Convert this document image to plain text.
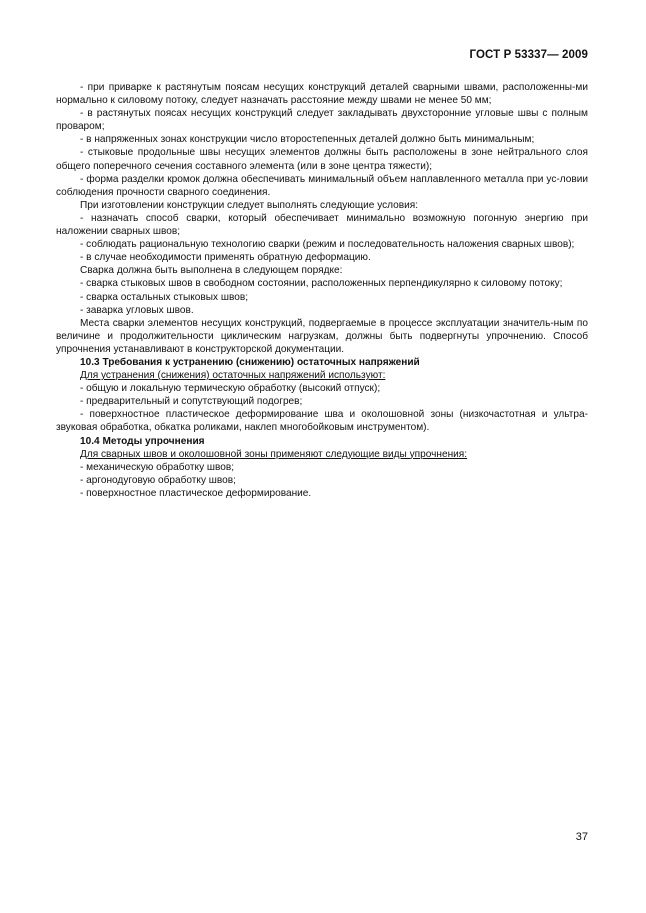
ГОСТ Р 53337— 2009

- при приварке к растянутым поясам несущих конструкций деталей сварными швами, расположенны-ми нормально к силовому потоку, следует назначать расстояние между швами не менее 50 мм;

- в растянутых поясах несущих конструкций следует закладывать двухсторонние угловые швы с полным проваром;

- в напряженных зонах конструкции число второстепенных деталей должно быть минимальным;

- стыковые продольные швы несущих элементов должны быть расположены в зоне нейтрального слоя общего поперечного сечения составного элемента (или в зоне центра тяжести);

- форма разделки кромок должна обеспечивать минимальный объем наплавленного металла при ус-ловии соблюдения прочности сварного соединения.

При изготовлении конструкции следует выполнять следующие условия:

- назначать способ сварки, который обеспечивает минимально возможную погонную энергию при наложении сварных швов;

- соблюдать рациональную технологию сварки (режим и последовательность наложения сварных швов);

- в случае необходимости применять обратную деформацию.

Сварка должна быть выполнена в следующем порядке:

- сварка стыковых швов в свободном состоянии, расположенных перпендикулярно к силовому потоку;

- сварка остальных стыковых швов;

- заварка угловых швов.

Места сварки элементов несущих конструкций, подвергаемые в процессе эксплуатации значитель-ным по величине и продолжительности циклическим нагрузкам, должны быть подвергнуты упрочнению. Способ упрочнения устанавливают в конструкторской документации.

10.3 Требования к устранению (снижению) остаточных напряжений

Для устранения (снижения) остаточных напряжений используют:

- общую и локальную термическую обработку (высокий отпуск);

- предварительный и сопутствующий подогрев;

- поверхностное пластическое деформирование шва и околошовной зоны (низкочастотная и ультра-звуковая обработка, обкатка роликами, наклеп многобойковым инструментом).

10.4 Методы упрочнения

Для сварных швов и околошовной зоны применяют следующие виды упрочнения:

- механическую обработку швов;

- аргонодуговую обработку швов;

- поверхностное пластическое деформирование.

37
